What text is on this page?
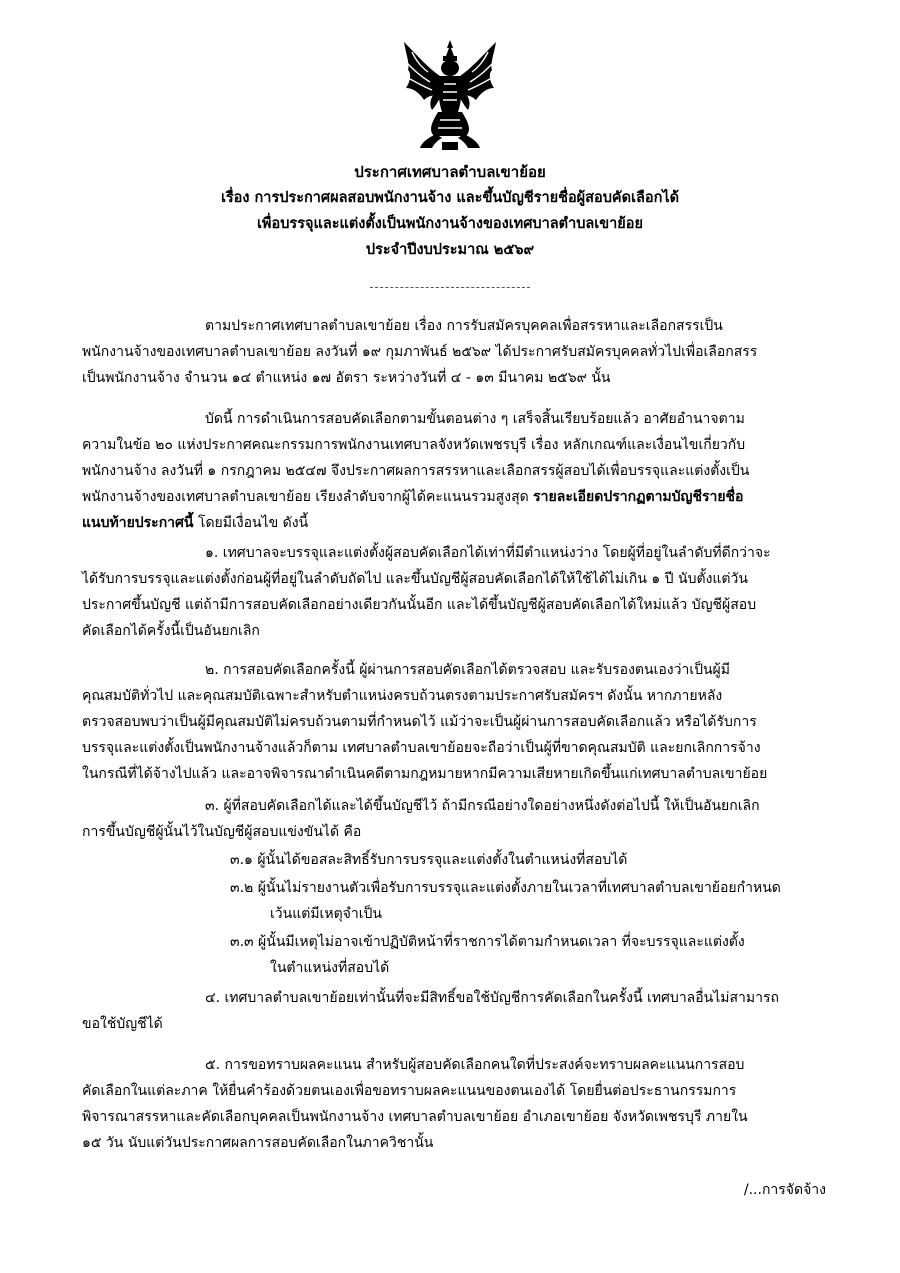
ประกาศเทศบาลตำบลเขาย้อย
เรื่อง การประกาศผลสอบพนักงานจ้าง และขึ้นบัญชีรายชื่อผู้สอบคัดเลือกได้
เพื่อบรรจุและแต่งตั้งเป็นพนักงานจ้างของเทศบาลตำบลเขาย้อย
ประจำปีงบประมาณ ๒๕๖๙
ตามประกาศเทศบาลตำบลเขาย้อย เรื่อง การรับสมัครบุคคลเพื่อสรรหาและเลือกสรรเป็น
พนักงานจ้างของเทศบาลตำบลเขาย้อย ลงวันที่ ๑๙ กุมภาพันธ์ ๒๕๖๙ ได้ประกาศรับสมัครบุคคลทั่วไปเพื่อเลือกสรร
เป็นพนักงานจ้าง จำนวน ๑๔ ตำแหน่ง ๑๗ อัตรา ระหว่างวันที่ ๔ - ๑๓ มีนาคม ๒๕๖๙ นั้น
บัดนี้ การดำเนินการสอบคัดเลือกตามขั้นตอนต่าง ๆ เสร็จสิ้นเรียบร้อยแล้ว อาศัยอำนาจตาม
ความในข้อ ๒๐ แห่งประกาศคณะกรรมการพนักงานเทศบาลจังหวัดเพชรบุรี เรื่อง หลักเกณฑ์และเงื่อนไขเกี่ยวกับ
พนักงานจ้าง ลงวันที่ ๑ กรกฎาคม ๒๕๔๗ จึงประกาศผลการสรรหาและเลือกสรรผู้สอบได้เพื่อบรรจุและแต่งตั้งเป็น
พนักงานจ้างของเทศบาลตำบลเขาย้อย เรียงลำดับจากผู้ได้คะแนนรวมสูงสุด รายละเอียดปรากฏตามบัญชีรายชื่อ
แนบท้ายประกาศนี้ โดยมีเงื่อนไข ดังนี้
๑. เทศบาลจะบรรจุและแต่งตั้งผู้สอบคัดเลือกได้เท่าที่มีตำแหน่งว่าง โดยผู้ที่อยู่ในลำดับที่ดีกว่าจะ
ได้รับการบรรจุและแต่งตั้งก่อนผู้ที่อยู่ในลำดับถัดไป และขึ้นบัญชีผู้สอบคัดเลือกได้ให้ใช้ได้ไม่เกิน ๑ ปี นับตั้งแต่วัน
ประกาศขึ้นบัญชี แต่ถ้ามีการสอบคัดเลือกอย่างเดียวกันนั้นอีก และได้ขึ้นบัญชีผู้สอบคัดเลือกได้ใหม่แล้ว บัญชีผู้สอบ
คัดเลือกได้ครั้งนี้เป็นอันยกเลิก
๒. การสอบคัดเลือกครั้งนี้ ผู้ผ่านการสอบคัดเลือกได้ตรวจสอบ และรับรองตนเองว่าเป็นผู้มี
คุณสมบัติทั่วไป และคุณสมบัติเฉพาะสำหรับตำแหน่งครบถ้วนตรงตามประกาศรับสมัครฯ ดังนั้น หากภายหลัง
ตรวจสอบพบว่าเป็นผู้มีคุณสมบัติไม่ครบถ้วนตามที่กำหนดไว้ แม้ว่าจะเป็นผู้ผ่านการสอบคัดเลือกแล้ว หรือได้รับการ
บรรจุและแต่งตั้งเป็นพนักงานจ้างแล้วก็ตาม เทศบาลตำบลเขาย้อยจะถือว่าเป็นผู้ที่ขาดคุณสมบัติ และยกเลิกการจ้าง
ในกรณีที่ได้จ้างไปแล้ว และอาจพิจารณาดำเนินคดีตามกฎหมายหากมีความเสียหายเกิดขึ้นแก่เทศบาลตำบลเขาย้อย
๓. ผู้ที่สอบคัดเลือกได้และได้ขึ้นบัญชีไว้ ถ้ามีกรณีอย่างใดอย่างหนึ่งดังต่อไปนี้ ให้เป็นอันยกเลิก
การขึ้นบัญชีผู้นั้นไว้ในบัญชีผู้สอบแข่งขันได้ คือ
๓.๑ ผู้นั้นได้ขอสละสิทธิ์รับการบรรจุและแต่งตั้งในตำแหน่งที่สอบได้
๓.๒ ผู้นั้นไม่รายงานตัวเพื่อรับการบรรจุและแต่งตั้งภายในเวลาที่เทศบาลตำบลเขาย้อยกำหนด
เว้นแต่มีเหตุจำเป็น
๓.๓ ผู้นั้นมีเหตุไม่อาจเข้าปฏิบัติหน้าที่ราชการได้ตามกำหนดเวลา ที่จะบรรจุและแต่งตั้ง
ในตำแหน่งที่สอบได้
๔. เทศบาลตำบลเขาย้อยเท่านั้นที่จะมีสิทธิ์ขอใช้บัญชีการคัดเลือกในครั้งนี้ เทศบาลอื่นไม่สามารถ
ขอใช้บัญชีได้
๕. การขอทราบผลคะแนน สำหรับผู้สอบคัดเลือกคนใดที่ประสงค์จะทราบผลคะแนนการสอบ
คัดเลือกในแต่ละภาค ให้ยื่นคำร้องด้วยตนเองเพื่อขอทราบผลคะแนนของตนเองได้ โดยยื่นต่อประธานกรรมการ
พิจารณาสรรหาและคัดเลือกบุคคลเป็นพนักงานจ้าง เทศบาลตำบลเขาย้อย อำเภอเขาย้อย จังหวัดเพชรบุรี ภายใน
๑๕ วัน นับแต่วันประกาศผลการสอบคัดเลือกในภาควิชานั้น
/...การจัดจ้าง
